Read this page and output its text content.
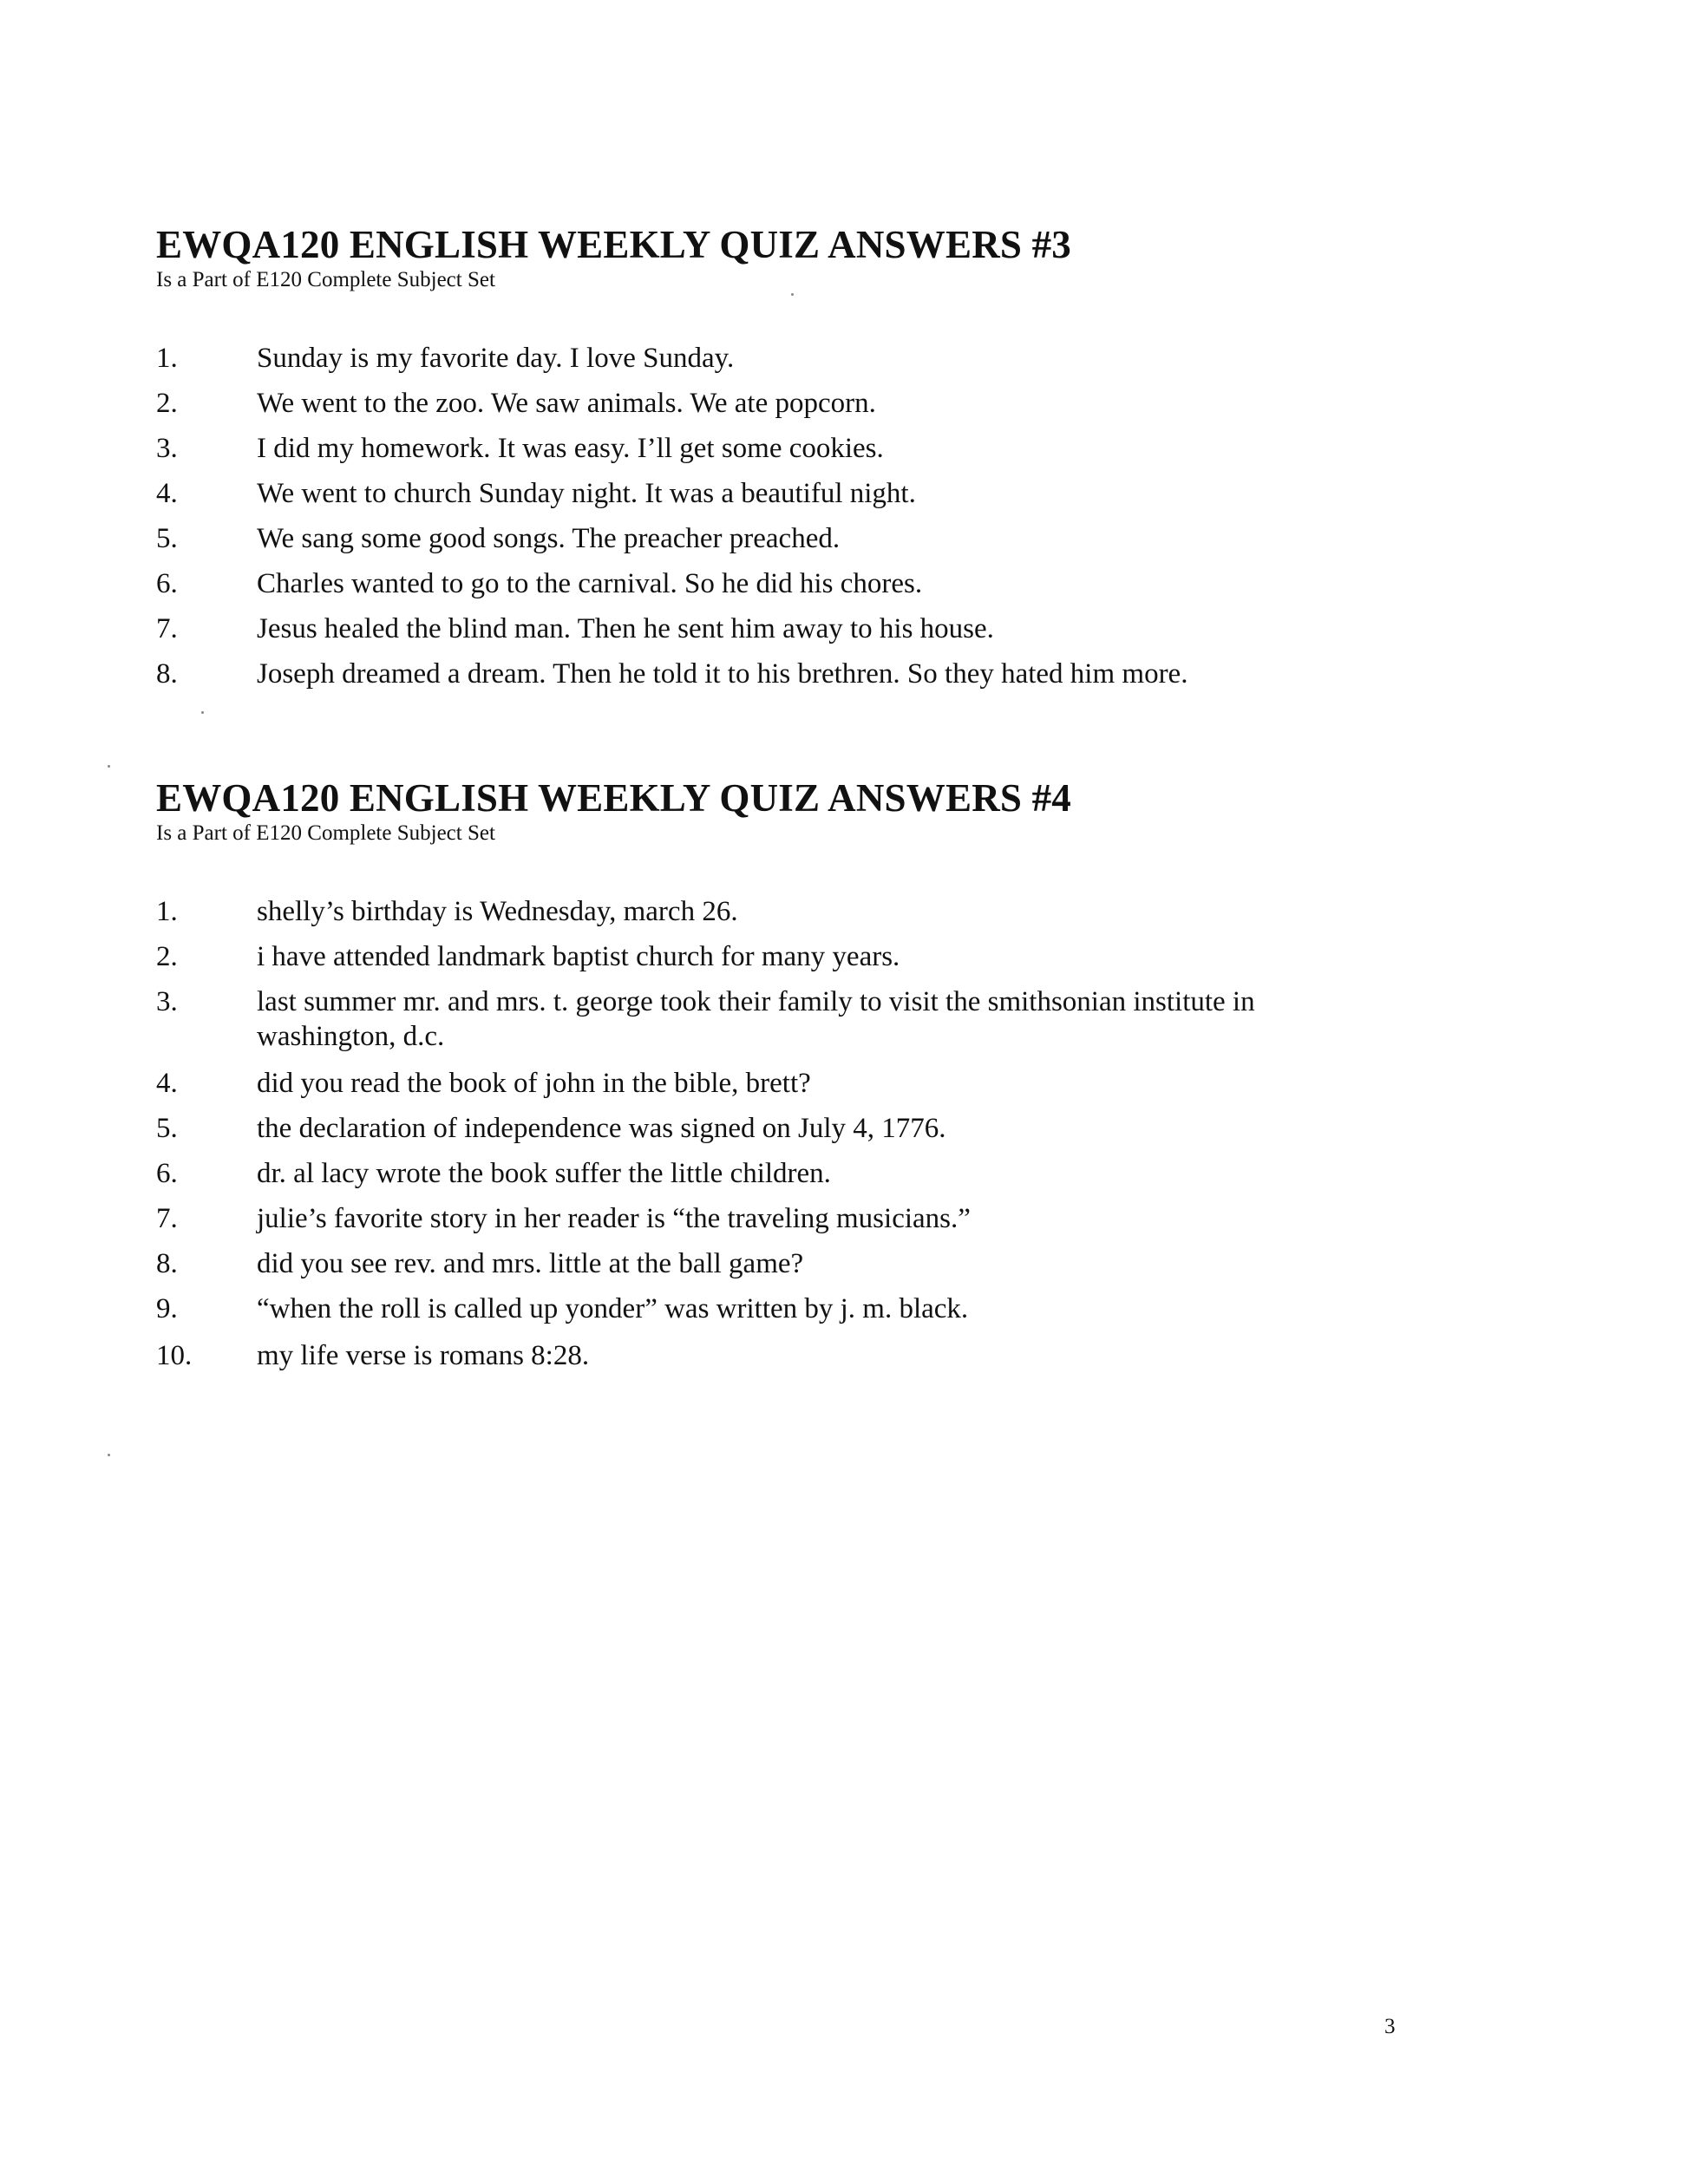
EWQA120 ENGLISH WEEKLY QUIZ ANSWERS #3

Is a Part of E120 Complete Subject Set

1.	Sunday is my favorite day. I love Sunday.
2.	We went to the zoo. We saw animals. We ate popcorn.
3.	I did my homework. It was easy. I’ll get some cookies.
4.	We went to church Sunday night. It was a beautiful night.
5.	We sang some good songs. The preacher preached.
6.	Charles wanted to go to the carnival. So he did his chores.
7.	Jesus healed the blind man. Then he sent him away to his house.
8.	Joseph dreamed a dream. Then he told it to his brethren. So they hated him more.
EWQA120 ENGLISH WEEKLY QUIZ ANSWERS #4

Is a Part of E120 Complete Subject Set

1.	shelly’s birthday is Wednesday, march 26.
2.	i have attended landmark baptist church for many years.
3.	last summer mr. and mrs. t. george took their family to visit the smithsonian institute in
washington, d.c.
4.	did you read the book of john in the bible, brett?
5.	the declaration of independence was signed on July 4, 1776.
6.	dr. al lacy wrote the book suffer the little children.
7.	julie’s favorite story in her reader is “the traveling musicians.”
8.	did you see rev. and mrs. little at the ball game?
9.	“when the roll is called up yonder” was written by j. m. black.
10.	my life verse is romans 8:28.
3
